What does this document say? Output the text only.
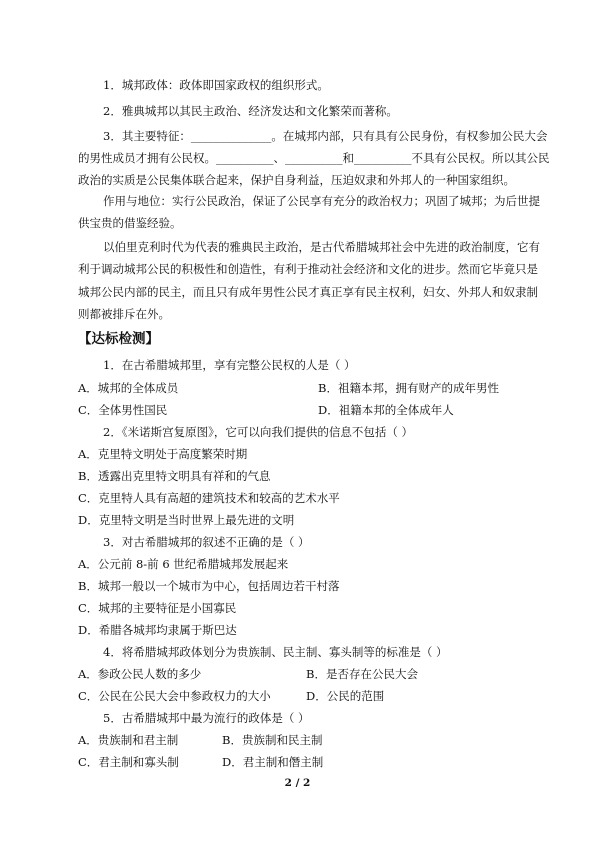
1．城邦政体：政体即国家政权的组织形式。
2．雅典城邦以其民主政治、经济发达和文化繁荣而著称。
3．其主要特征：______________。在城邦内部，只有具有公民身份，有权参加公民大会
的男性成员才拥有公民权。__________、__________和__________不具有公民权。所以其公民
政治的实质是公民集体联合起来，保护自身利益，压迫奴隶和外邦人的一种国家组织。
作用与地位：实行公民政治，保证了公民享有充分的政治权力；巩固了城邦；为后世提
供宝贵的借鉴经验。
以伯里克利时代为代表的雅典民主政治，是古代希腊城邦社会中先进的政治制度，它有
利于调动城邦公民的积极性和创造性，有利于推动社会经济和文化的进步。然而它毕竟只是
城邦公民内部的民主，而且只有成年男性公民才真正享有民主权利，妇女、外邦人和奴隶制
则都被排斥在外。
【达标检测】
1．在古希腊城邦里，享有完整公民权的人是（ ）
A．城邦的全体成员	B．祖籍本邦，拥有财产的成年男性
C．全体男性国民	D．祖籍本邦的全体成年人
2．《米诺斯宫复原图》，它可以向我们提供的信息不包括（ ）
A．克里特文明处于高度繁荣时期
B．透露出克里特文明具有祥和的气息
C．克里特人具有高超的建筑技术和较高的艺术水平
D．克里特文明是当时世界上最先进的文明
3．对古希腊城邦的叙述不正确的是（ ）
A．公元前 8-前 6 世纪希腊城邦发展起来
B．城邦一般以一个城市为中心，包括周边若干村落
C．城邦的主要特征是小国寡民
D．希腊各城邦均隶属于斯巴达
4．将希腊城邦政体划分为贵族制、民主制、寡头制等的标准是（ ）
A．参政公民人数的多少	B．是否存在公民大会
C．公民在公民大会中参政权力的大小	D．公民的范围
5．古希腊城邦中最为流行的政体是（ ）
A．贵族制和君主制	B．贵族制和民主制
C．君主制和寡头制	D．君主制和僭主制
2 / 2
